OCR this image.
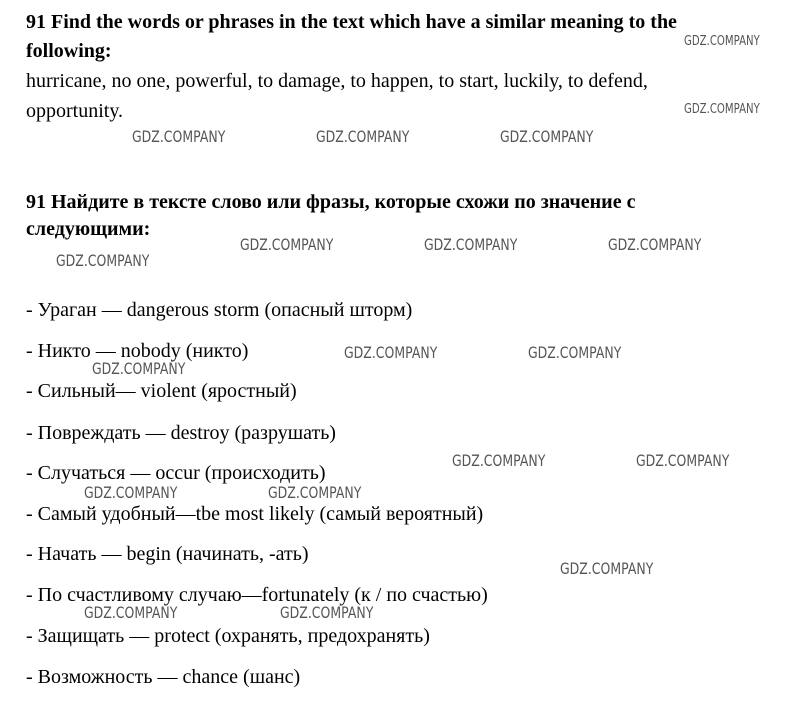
91 Find the words or phrases in the text which have a similar meaning to the
following:
hurricane, no one, powerful, to damage, to happen, to start, luckily, to defend,
opportunity.
91 Найдите в тексте слово или фразы, которые схожи по значение с
следующими:
- Ураган — dangerous storm (опасный шторм)
- Никто — nobody (никто)
- Сильный— violent (яростный)
- Повреждать — destroy (разрушать)
- Случаться — occur (происходить)
- Самый удобный—tbe most likely (самый вероятный)
- Начать — begin (начинать, -ать)
- По счастливому случаю—fortunately (к / по счастью)
- Защищать — protect (охранять, предохранять)
- Возможность — chance (шанс)
GDZ.COMPANY
GDZ.COMPANY
GDZ.COMPANY	GDZ.COMPANY	GDZ.COMPANY
GDZ.COMPANY	GDZ.COMPANY	GDZ.COMPANY
GDZ.COMPANY
GDZ.COMPANY	GDZ.COMPANY
GDZ.COMPANY
GDZ.COMPANY	GDZ.COMPANY
GDZ.COMPANY	GDZ.COMPANY
GDZ.COMPANY
GDZ.COMPANY	GDZ.COMPANY
